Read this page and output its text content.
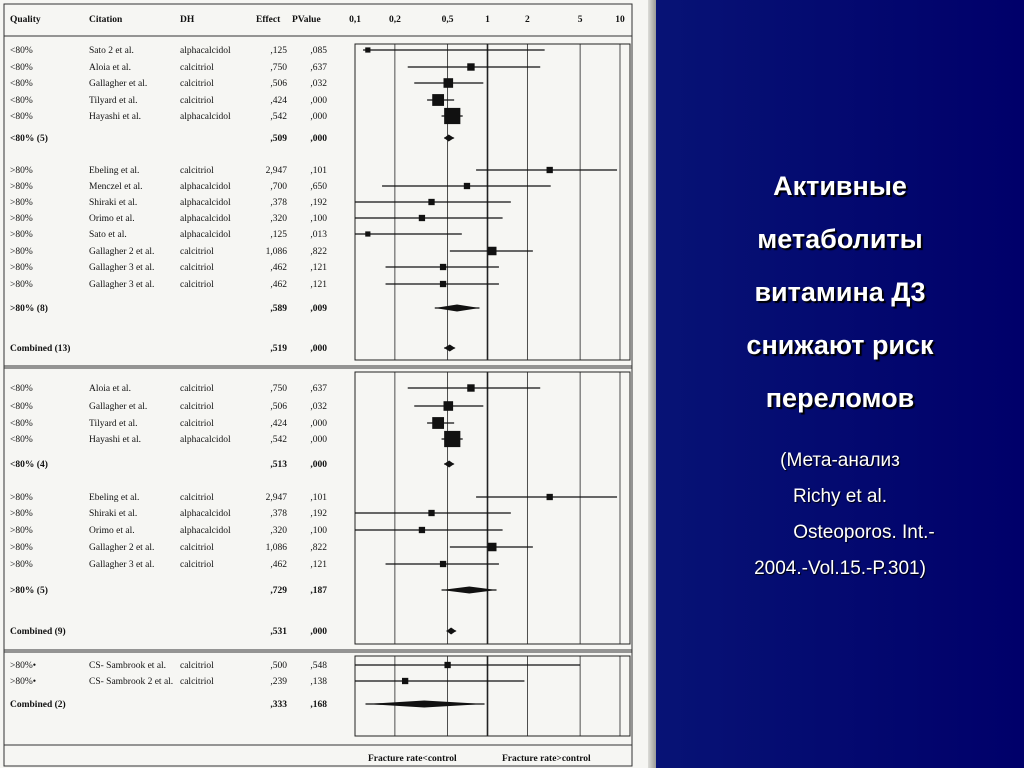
Quality	Citation	DH	Effect PValue	0,1	0,2	0,5	1	2	5	10
<80%	Sato 2 et al.	alphacalcidol	,125 ,085
<80%	Aloia et al.	calcitriol	,750 ,637
<80%	Gallagher et al.	calcitriol	,506 ,032
<80%	Tilyard et al.	calcitriol	,424 ,000
<80%	Hayashi et al.	alphacalcidol	,542 ,000
<80% (5)	,509 ,000
>80%	Ebeling et al.	calcitriol	2,947 ,101
>80%	Menczel et al.	alphacalcidol	,700 ,650
>80%	Shiraki et al.	alphacalcidol	,378 ,192
>80%	Orimo et al.	alphacalcidol	,320 ,100
>80%	Sato et al.	alphacalcidol	,125 ,013
>80%	Gallagher 2 et al.	calcitriol	1,086 ,822
>80%	Gallagher 3 et al.	calcitriol	,462 ,121
>80%	Gallagher 3 et al.	calcitriol	,462 ,121
>80% (8)	,589 ,009
Combined (13)	,519 ,000
<80%	Aloia et al.	calcitriol	,750 ,637
<80%	Gallagher et al.	calcitriol	,506 ,032
<80%	Tilyard et al.	calcitriol	,424 ,000
<80%	Hayashi et al.	alphacalcidol	,542 ,000
<80% (4)	,513 ,000
>80%	Ebeling et al.	calcitriol	2,947 ,101
>80%	Shiraki et al.	alphacalcidol	,378 ,192
>80%	Orimo et al.	alphacalcidol	,320 ,100
>80%	Gallagher 2 et al.	calcitriol	1,086 ,822
>80%	Gallagher 3 et al.	calcitriol	,462 ,121
>80% (5)	,729 ,187
Combined (9)	,531 ,000
>80%•	CS- Sambrook et al. calcitriol	,500 ,548
>80%•	CS- Sambrook 2 et al. calcitriol	,239 ,138
Combined (2)	,333 ,168
Fracture rate<control	Fracture rate>control
Активные
метаболиты
витамина Д3
снижают риск
переломов
(Мета-анализ
Richy et al.
Osteoporos. Int.-
2004.-Vol.15.-P.301)
